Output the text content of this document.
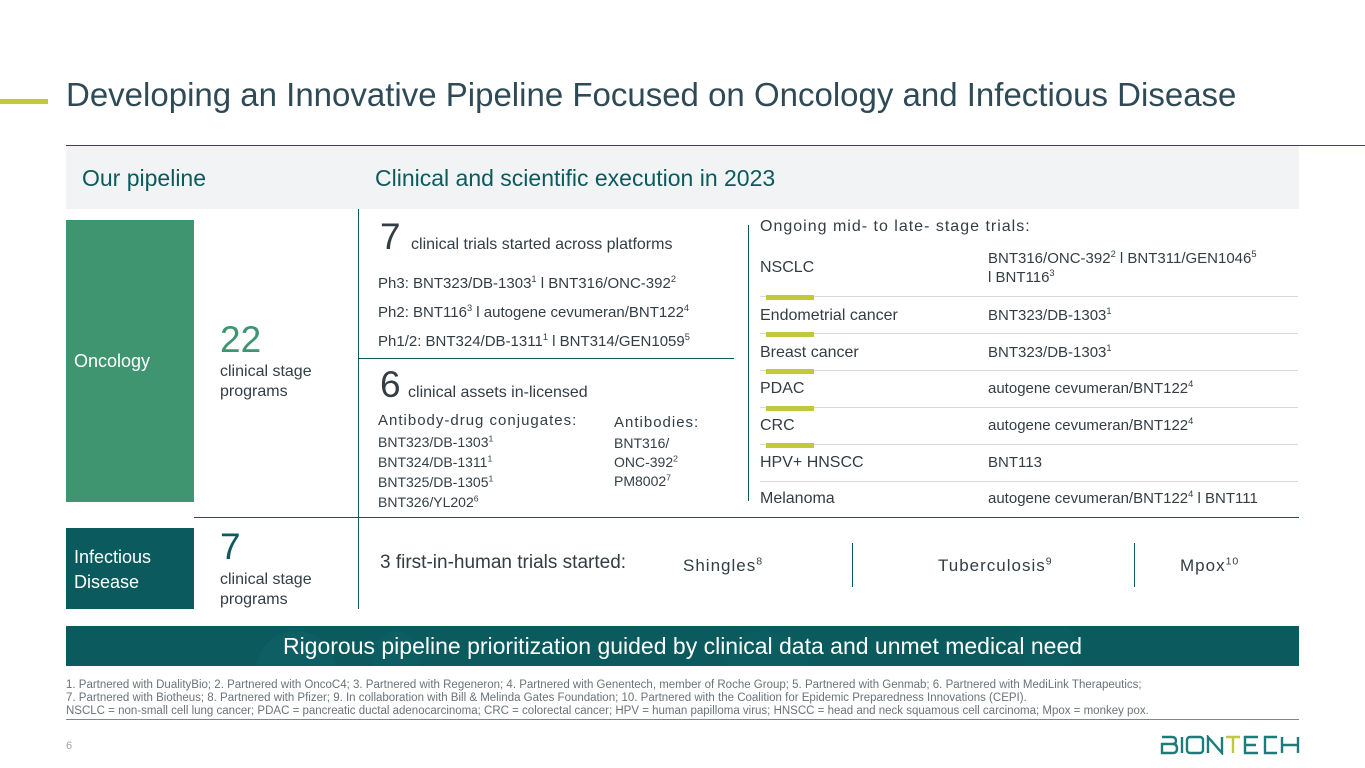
Developing an Innovative Pipeline Focused on Oncology and Infectious Disease
Our pipeline	Clinical and scientific execution in 2023
Oncology
22
clinical stage
programs
Infectious
Disease
7
clinical stage
programs
7 clinical trials started across platforms
Ph3: BNT323/DB-1303$^1$ l $BNT316/ONC-392^2$
Ph2: $BNT116^3$ l autogene cevumeran/$BNT122^4$
Ph1/2: BNT324/DB-1311$^1$ l BNT314/GEN1059$^5$
6 clinical assets in-licensed
Antibody-drug conjugates:
BNT323/DB-1303$^1$
BNT324/DB-1311$^1$
BNT325/DB-1305$^1$
$BNT326/YL202^6$
Antibodies:
BNT316/
ONC-$392^2$
PM8002$^7$
Ongoing mid- to late- stage trials:
NSCLC
$BNT316/ONC-392^2$ l BNT311/GEN1046$^5$
l $BNT116^3$
Endometrial cancer	BNT323/DB-1303$^1$
Breast cancer	BNT323/DB-1303$^1$
PDAC	autogene cevumeran/$BNT122^4$
CRC	autogene cevumeran/$BNT122^4$
HPV+ HNSCC	BNT113
Melanoma	autogene cevumeran/$BNT122^4$ l BNT111
3 first-in-human trials started:	Shingles$^8$	Tuberculosis$^9$	Mpox$^{10}$
Rigorous pipeline prioritization guided by clinical data and unmet medical need
1. Partnered with DualityBio; 2. Partnered with OncoC4; 3. Partnered with Regeneron; 4. Partnered with Genentech, member of Roche Group; 5. Partnered with Genmab; 6. Partnered with MediLink Therapeutics;
7. Partnered with Biotheus; 8. Partnered with Pfizer; 9. In collaboration with Bill & Melinda Gates Foundation; 10. Partnered with the Coalition for Epidemic Preparedness Innovations (CEPI).
NSCLC = non-small cell lung cancer; PDAC = pancreatic ductal adenocarcinoma; CRC = colorectal cancer; HPV = human papilloma virus; HNSCC = head and neck squamous cell carcinoma; Mpox = monkey pox.
6
